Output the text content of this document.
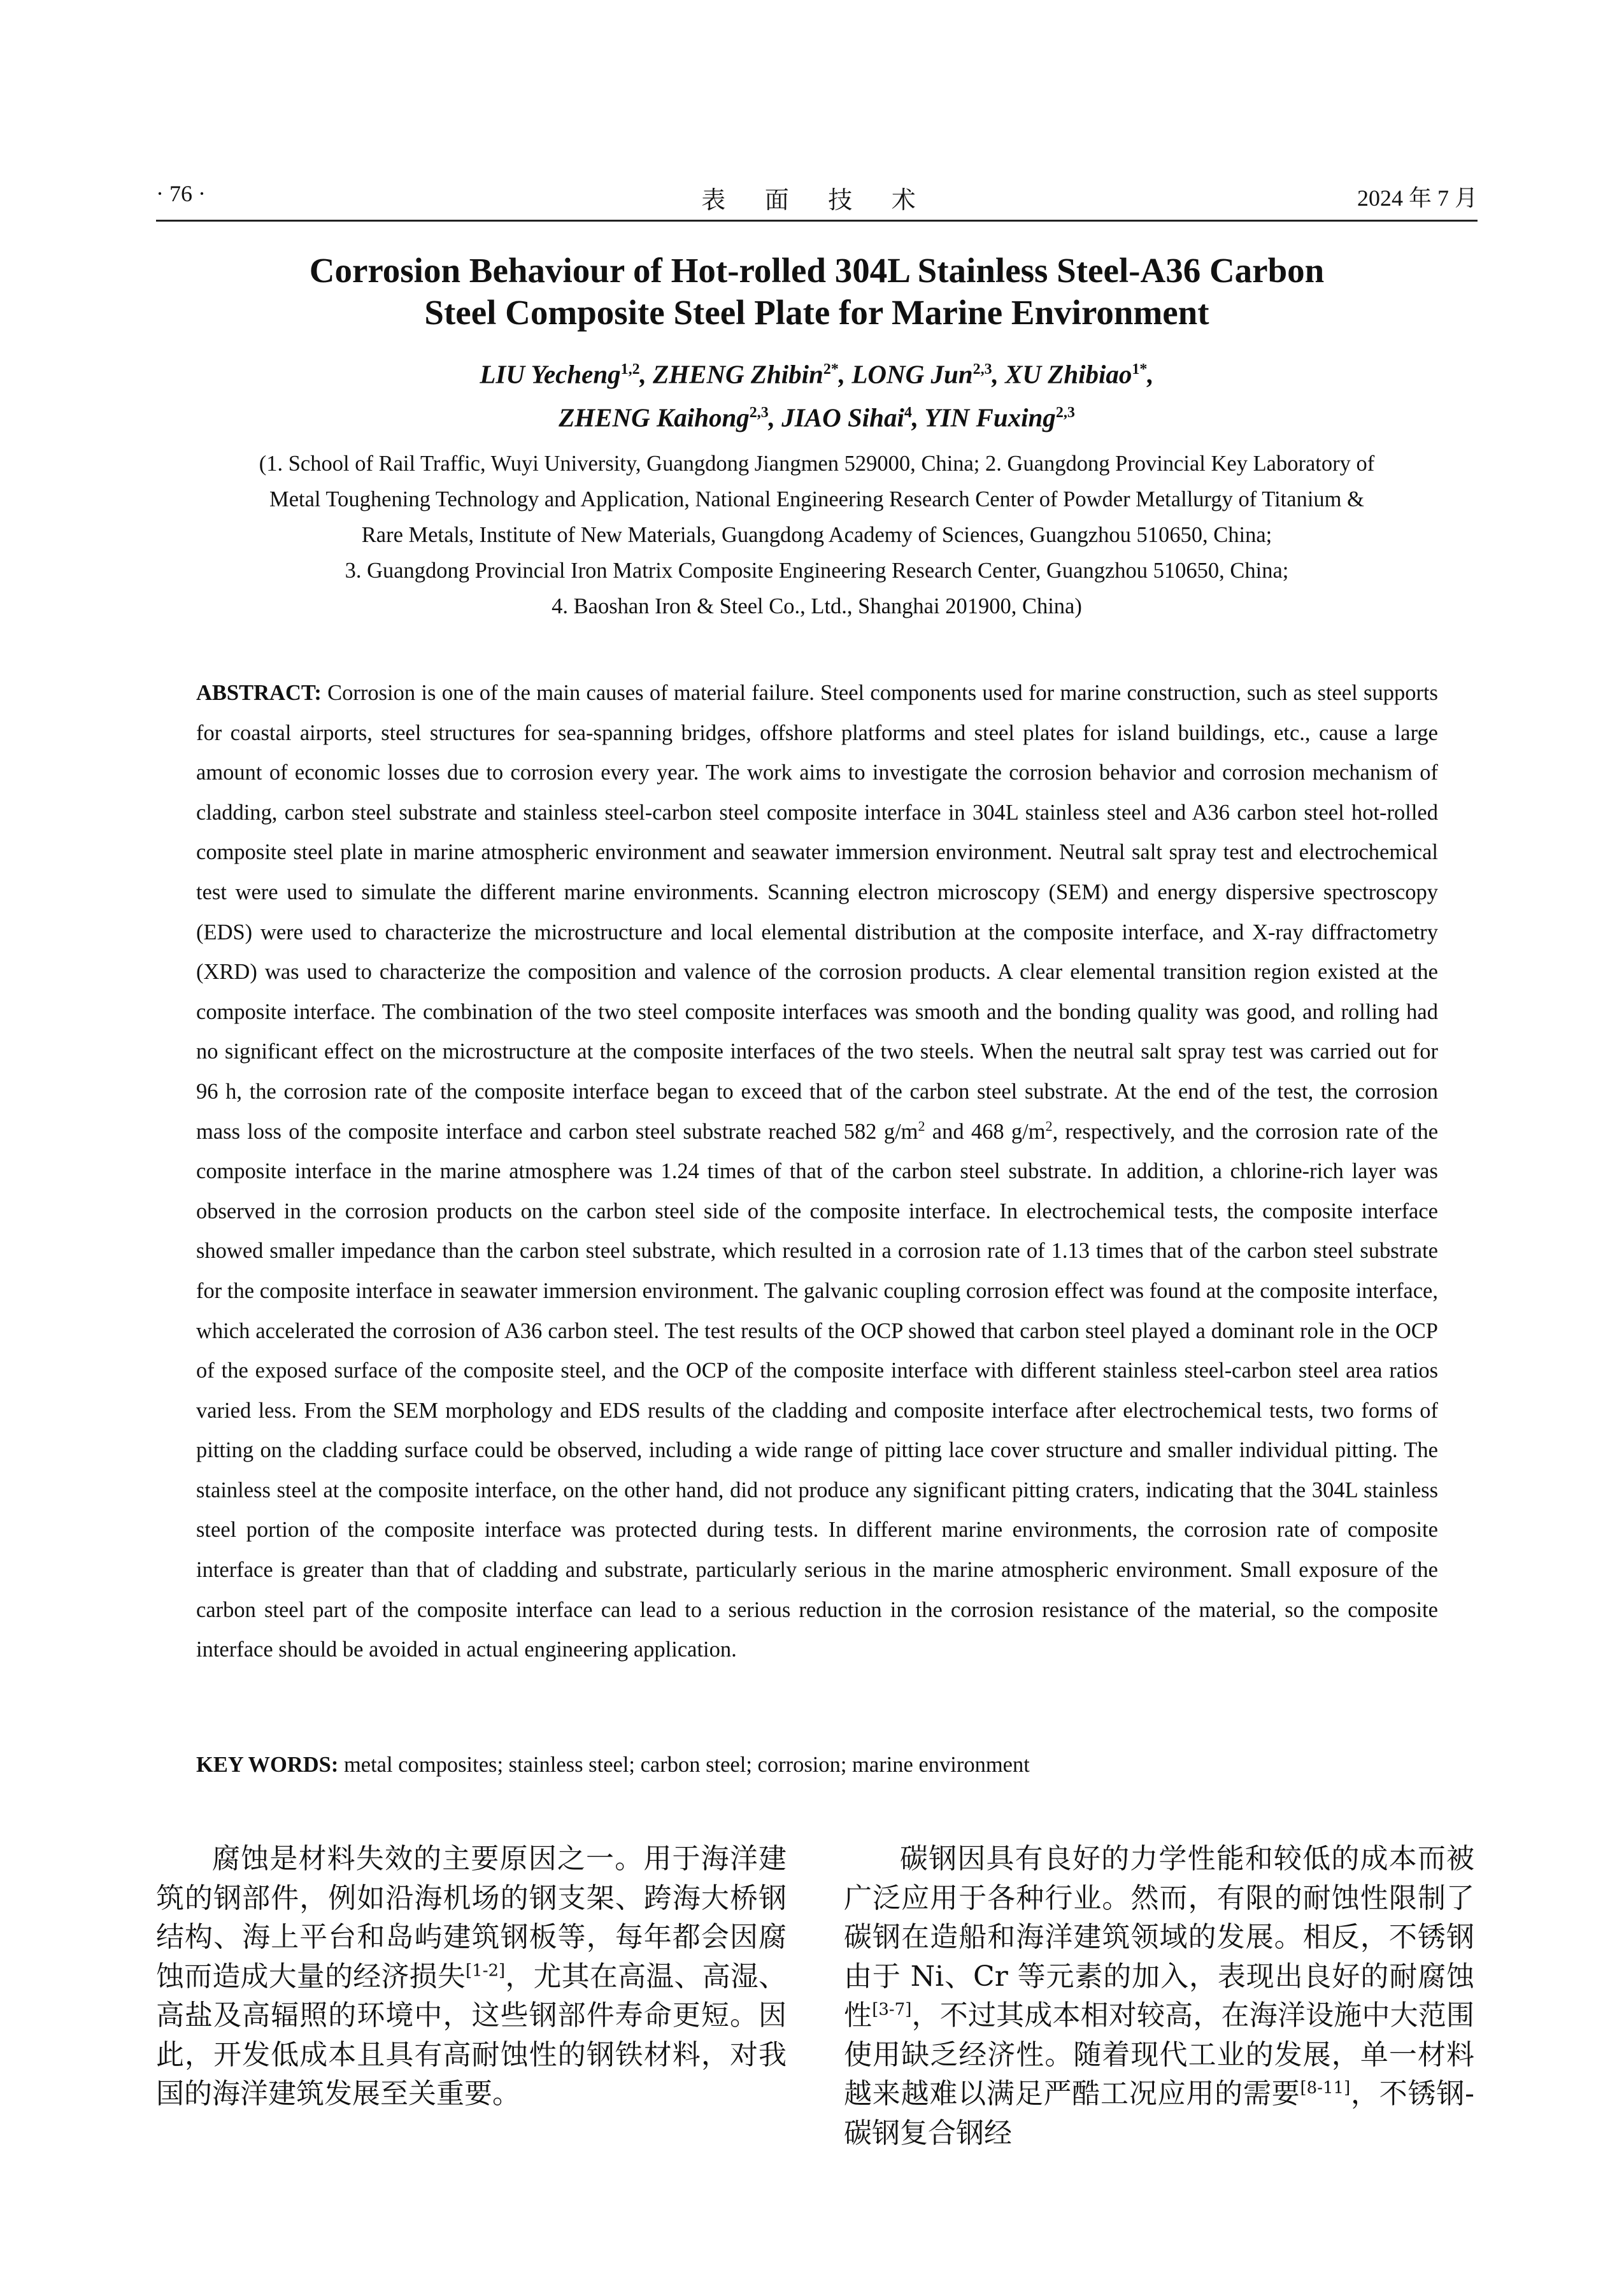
· 76 ·	表 面 技 术	2024 年 7 月
Corrosion Behaviour of Hot-rolled 304L Stainless Steel-A36 Carbon
Steel Composite Steel Plate for Marine Environment
LIU Yecheng$^{1,2}$, ZHENG Zhibin$^{2*}$, LONG Jun$^{2,3}$, XU Zhibiao$^{1*}$,
ZHENG Kaihong$^{2,3}$, JIAO Sihai$^4$, YIN Fuxing$^{2,3}$
(1. School of Rail Traffic, Wuyi University, Guangdong Jiangmen 529000, China; 2. Guangdong Provincial Key Laboratory of
Metal Toughening Technology and Application, National Engineering Research Center of Powder Metallurgy of Titanium &
Rare Metals, Institute of New Materials, Guangdong Academy of Sciences, Guangzhou 510650, China;
3. Guangdong Provincial Iron Matrix Composite Engineering Research Center, Guangzhou 510650, China;
4. Baoshan Iron & Steel Co., Ltd., Shanghai 201900, China)
ABSTRACT: Corrosion is one of the main causes of material failure. Steel components used for marine construction, such as steel supports for coastal airports, steel structures for sea-spanning bridges, offshore platforms and steel plates for island buildings, etc., cause a large amount of economic losses due to corrosion every year. The work aims to investigate the corrosion behavior and corrosion mechanism of cladding, carbon steel substrate and stainless steel-carbon steel composite interface in 304L stainless steel and A36 carbon steel hot-rolled composite steel plate in marine atmospheric environment and seawater immersion environment. Neutral salt spray test and electrochemical test were used to simulate the different marine environments. Scanning electron microscopy (SEM) and energy dispersive spectroscopy (EDS) were used to characterize the microstructure and local elemental distribution at the composite interface, and X-ray diffractometry (XRD) was used to characterize the composition and valence of the corrosion products. A clear elemental transition region existed at the composite interface. The combination of the two steel composite interfaces was smooth and the bonding quality was good, and rolling had no significant effect on the microstructure at the composite interfaces of the two steels. When the neutral salt spray test was carried out for 96 h, the corrosion rate of the composite interface began to exceed that of the carbon steel substrate. At the end of the test, the corrosion mass loss of the composite interface and carbon steel substrate reached 582 $g/m^2$ and 468 $g/m^2$, respectively, and the corrosion rate of the composite interface in the marine atmosphere was 1.24 times of that of the carbon steel substrate. In addition, a chlorine-rich layer was observed in the corrosion products on the carbon steel side of the composite interface. In electrochemical tests, the composite interface showed smaller impedance than the carbon steel substrate, which resulted in a corrosion rate of 1.13 times that of the carbon steel substrate for the composite interface in seawater immersion environment. The galvanic coupling corrosion effect was found at the composite interface, which accelerated the corrosion of A36 carbon steel. The test results of the OCP showed that carbon steel played a dominant role in the OCP of the exposed surface of the composite steel, and the OCP of the composite interface with different stainless steel-carbon steel area ratios varied less. From the SEM morphology and EDS results of the cladding and composite interface after electrochemical tests, two forms of pitting on the cladding surface could be observed, including a wide range of pitting lace cover structure and smaller individual pitting. The stainless steel at the composite interface, on the other hand, did not produce any significant pitting craters, indicating that the 304L stainless steel portion of the composite interface was protected during tests. In different marine environments, the corrosion rate of composite interface is greater than that of cladding and substrate, particularly serious in the marine atmospheric environment. Small exposure of the carbon steel part of the composite interface can lead to a serious reduction in the corrosion resistance of the material, so the composite interface should be avoided in actual engineering application.
KEY WORDS: metal composites; stainless steel; carbon steel; corrosion; marine environment

腐蚀是材料失效的主要原因之一。用于海洋建筑的钢部件，例如沿海机场的钢支架、跨海大桥钢结构、海上平台和岛屿建筑钢板等，每年都会因腐蚀而造成大量的经济损失[1-2]，尤其在高温、高湿、高盐及高辐照的环境中，这些钢部件寿命更短。因此，开发低成本且具有高耐蚀性的钢铁材料，对我国的海洋建筑发展至关重要。

碳钢因具有良好的力学性能和较低的成本而被广泛应用于各种行业。然而，有限的耐蚀性限制了碳钢在造船和海洋建筑领域的发展。相反，不锈钢由于 Ni、Cr 等元素的加入，表现出良好的耐腐蚀性[3-7]，不过其成本相对较高，在海洋设施中大范围使用缺乏经济性。随着现代工业的发展，单一材料越来越难以满足严酷工况应用的需要[8-11]，不锈钢-碳钢复合钢经
